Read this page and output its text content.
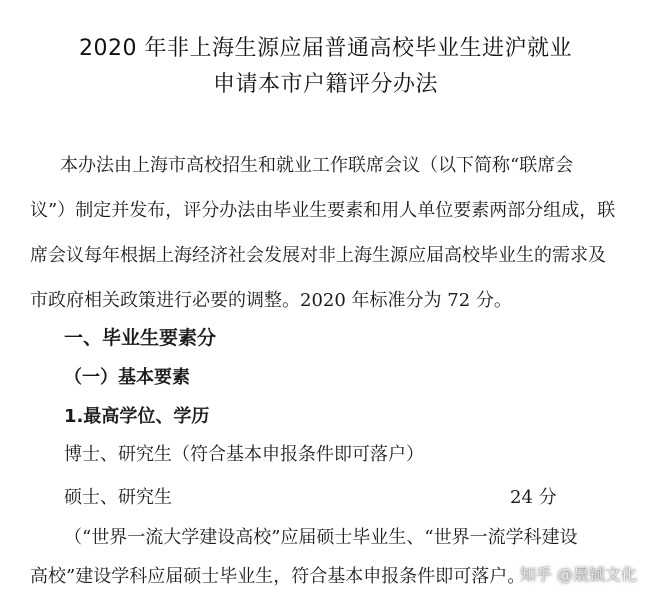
2020 年非上海生源应届普通高校毕业生进沪就业
申请本市户籍评分办法
本办法由上海市高校招生和就业工作联席会议（以下简称“联席会
议”）制定并发布，评分办法由毕业生要素和用人单位要素两部分组成，联
席会议每年根据上海经济社会发展对非上海生源应届高校毕业生的需求及
市政府相关政策进行必要的调整。2020 年标准分为 72 分。
一、毕业生要素分
（一）基本要素
1.最高学位、学历
博士、研究生（符合基本申报条件即可落户）
硕士、研究生	24 分
（“世界一流大学建设高校”应届硕士毕业生、“世界一流学科建设
高校”建设学科应届硕士毕业生，符合基本申报条件即可落户。
知乎 @晟铖文化
